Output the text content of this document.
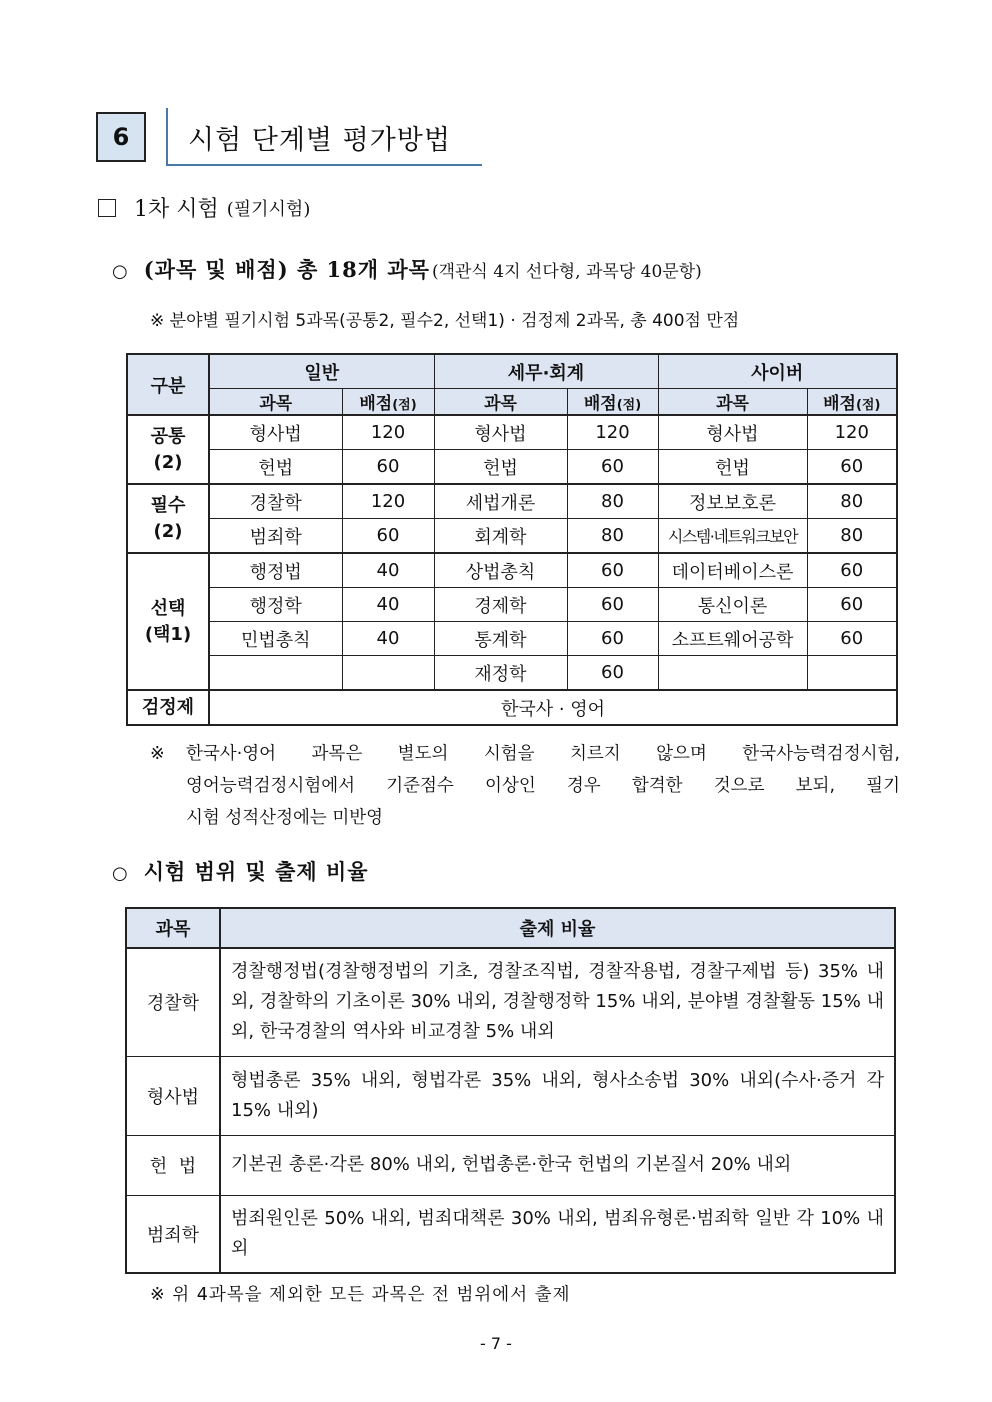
6	시험 단계별 평가방법
1차 시험 (필기시험)
○ (과목 및 배점) 총 18개 과목 (객관식 4지 선다형, 과목당 40문항)
※ 분야별 필기시험 5과목(공통2, 필수2, 선택1) · 검정제 2과목, 총 400점 만점
구분	일반		세무·회계		사이버	
	과목	배점(점)	과목	배점(점)	과목	배점(점)
공통
(2)	형사법	120	형사법	120	형사법	120
	헌법	60	헌법	60	헌법	60
필수
(2)	경찰학	120	세법개론	80	정보보호론	80
	범죄학	60	회계학	80	시스템·네트워크보안	80
선택
(택1)	행정법	40	상법총칙	60	데이터베이스론	60
	행정학	40	경제학	60	통신이론	60
	민법총칙	40	통계학	60	소프트웨어공학	60
			재정학	60		
검정제	한국사 · 영어					
※ 한국사·영어 과목은 별도의 시험을 치르지 않으며 한국사능력검정시험,
영어능력검정시험에서 기준점수 이상인 경우 합격한 것으로 보되, 필기
시험 성적산정에는 미반영
○ 시험 범위 및 출제 비율
과목	출제 비율
경찰학	경찰행정법(경찰행정법의 기초, 경찰조직법, 경찰작용법, 경찰구제법 등) 35% 내외, 경찰학의 기초이론 30% 내외, 경찰행정학 15% 내외, 분야별 경찰활동 15% 내외, 한국경찰의 역사와 비교경찰 5% 내외
형사법	형법총론 35% 내외, 형법각론 35% 내외, 형사소송법 30% 내외(수사·증거 각 15% 내외)
헌  법	기본권 총론·각론 80% 내외, 헌법총론·한국 헌법의 기본질서 20% 내외
범죄학	범죄원인론 50% 내외, 범죄대책론 30% 내외, 범죄유형론·범죄학 일반 각 10% 내외
※ 위 4과목을 제외한 모든 과목은 전 범위에서 출제
- 7 -
